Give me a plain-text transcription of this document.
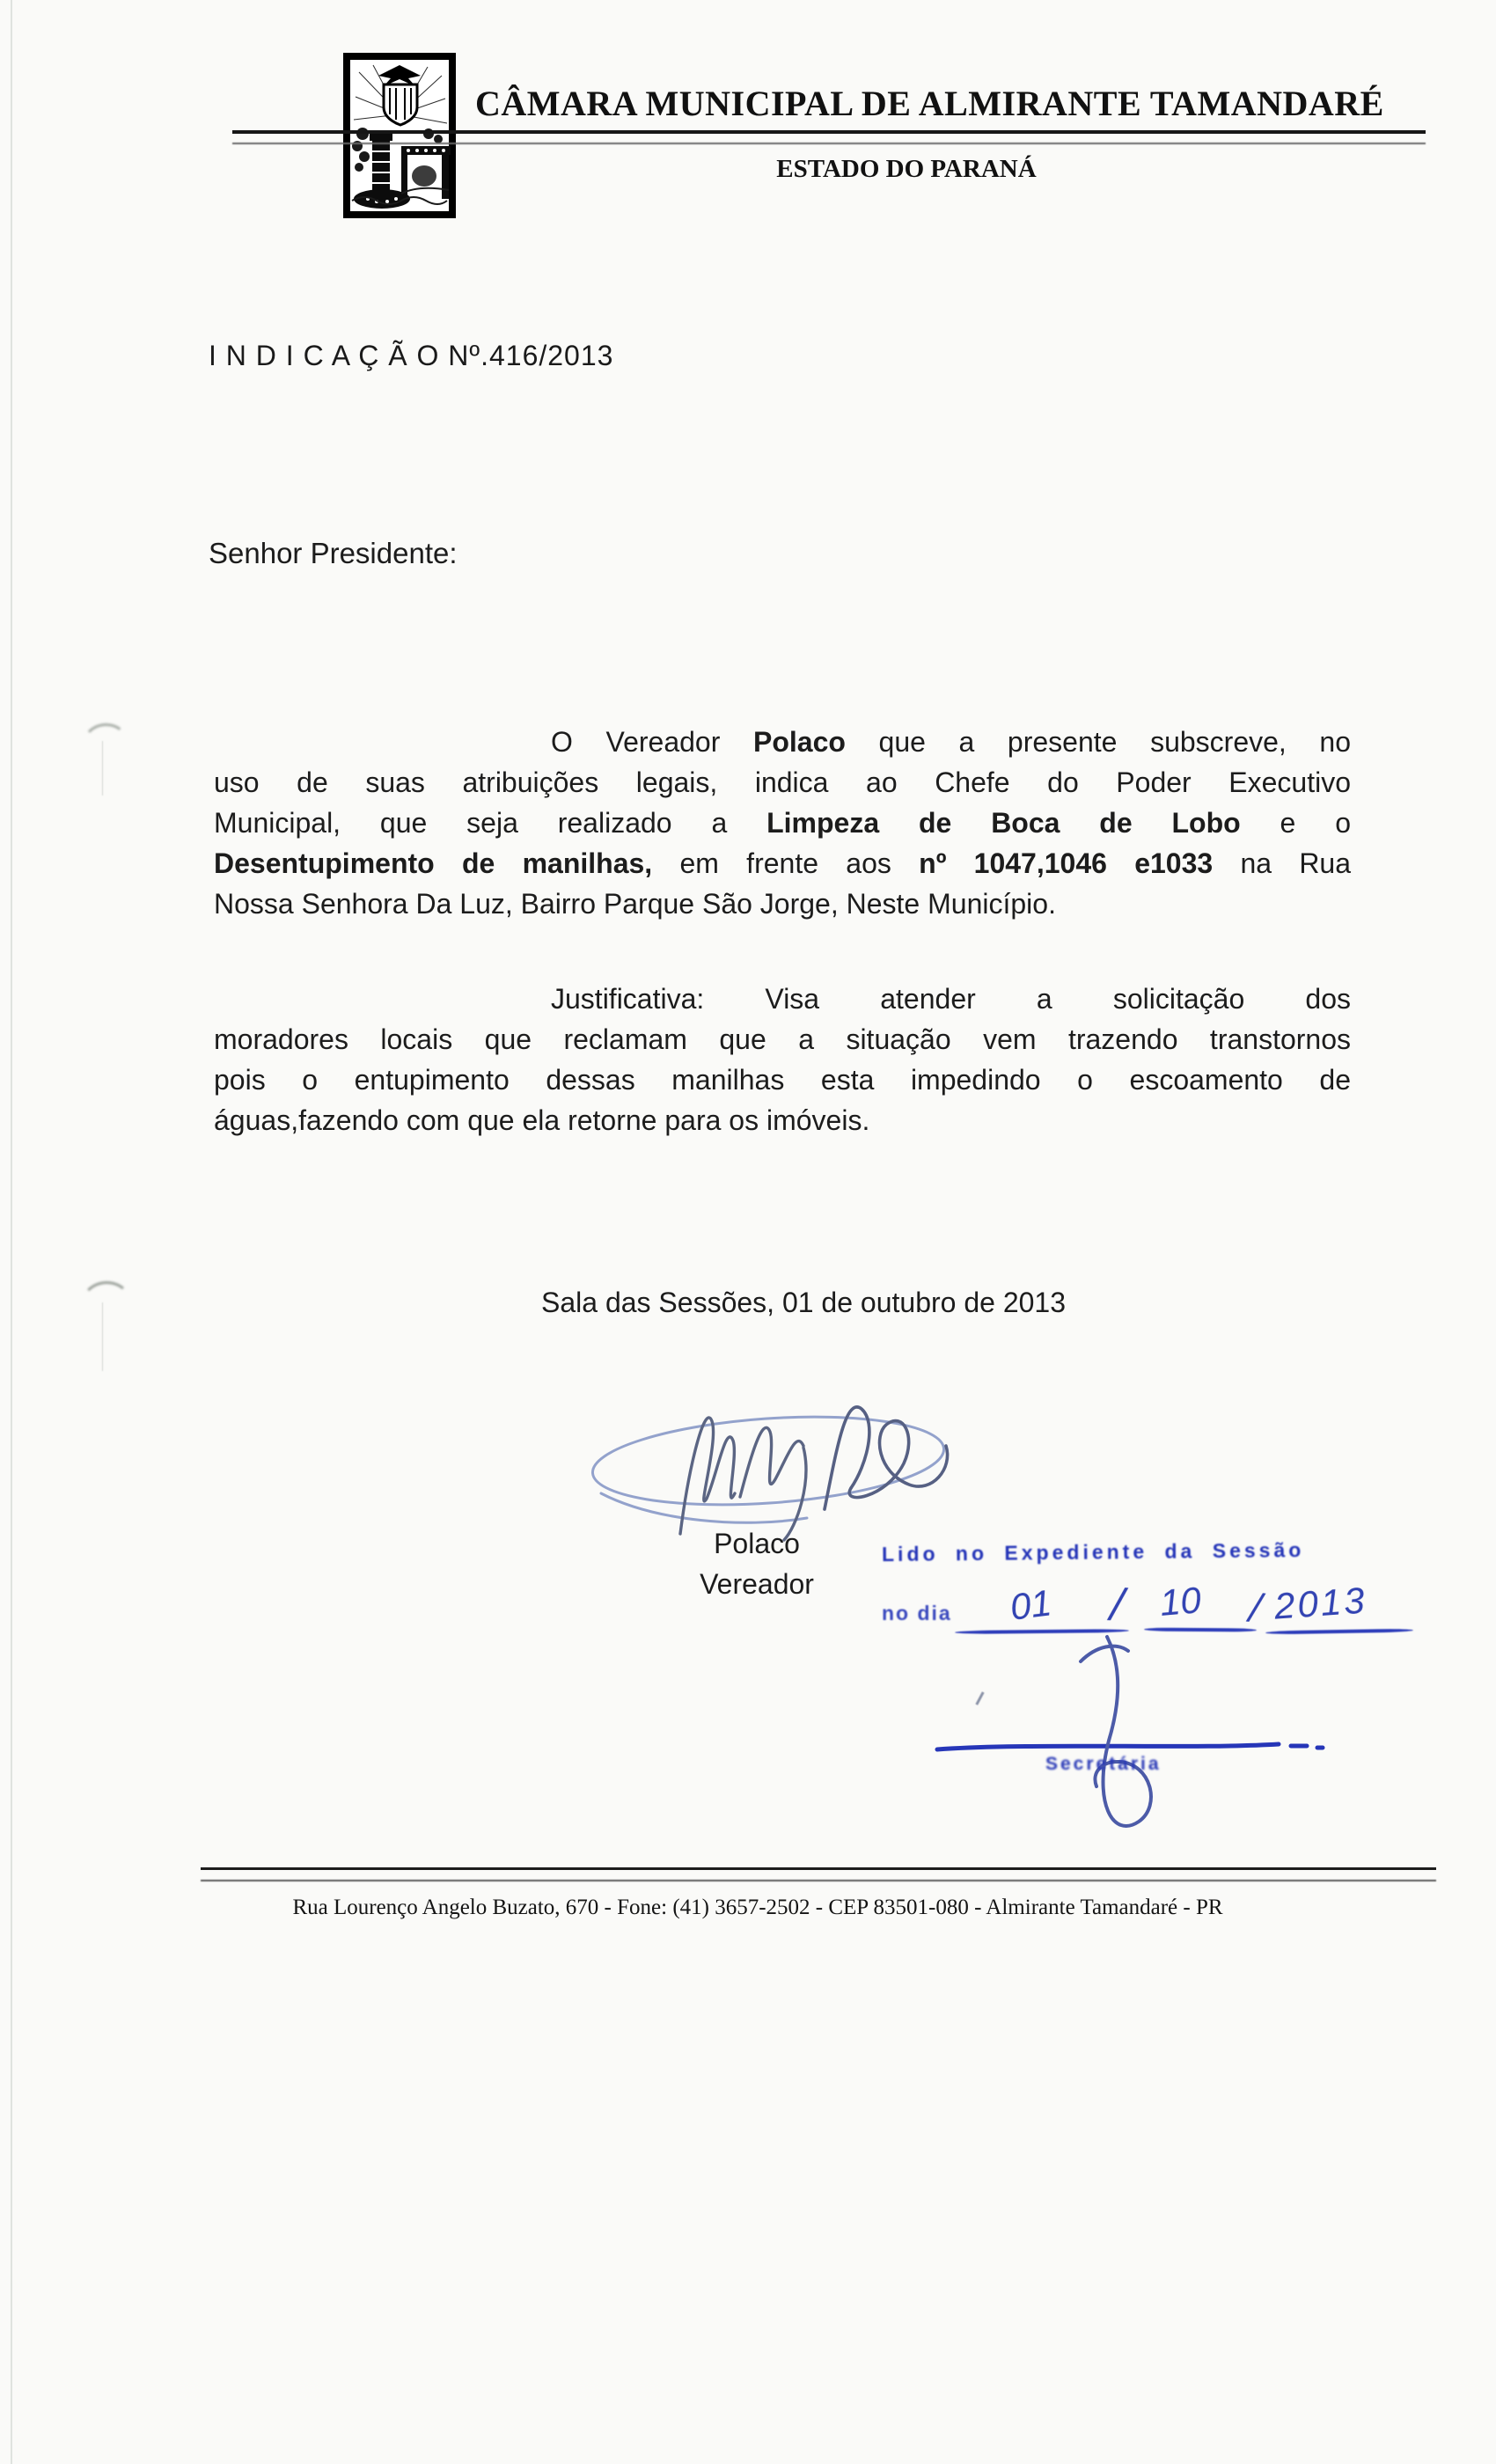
CÂMARA MUNICIPAL DE ALMIRANTE TAMANDARÉ
ESTADO DO PARANÁ
I N D I C A Ç Ã O Nº.416/2013
Senhor Presidente:
O Vereador Polaco que a presente subscreve, no
uso de suas atribuições legais, indica ao Chefe do Poder Executivo
Municipal, que seja realizado a Limpeza de Boca de Lobo e o
Desentupimento de manilhas, em frente aos nº 1047,1046 e1033 na Rua
Nossa Senhora Da Luz, Bairro Parque São Jorge, Neste Município.
Justificativa: Visa atender a solicitação dos
moradores locais que reclamam que a situação vem trazendo transtornos
pois o entupimento dessas manilhas esta impedindo o escoamento de
águas,fazendo com que ela retorne para os imóveis.
Sala das Sessões, 01 de outubro de 2013
Polaco
Vereador
Lido no Expediente da Sessão
no dia 01 / 10 / 2013
Secretária
Rua Lourenço Angelo Buzato, 670 - Fone: (41) 3657-2502 - CEP 83501-080 - Almirante Tamandaré - PR
